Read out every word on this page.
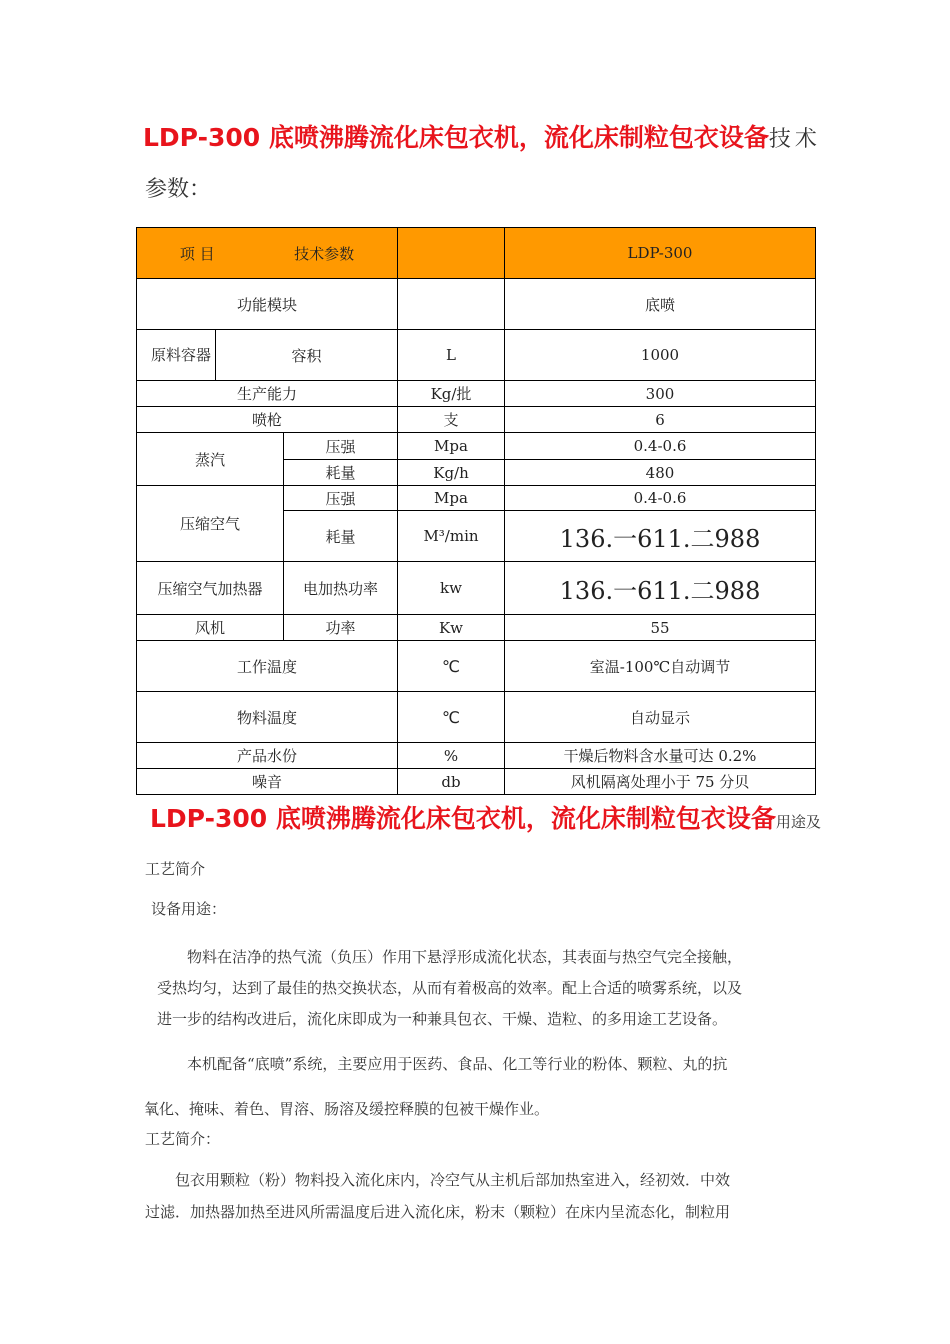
LDP-300 底喷沸腾流化床包衣机，流化床制粒包衣设备技术
参数：
项 目 技术参数				LDP-300
功能模块				底喷
原料容器	容积		L	1000
生产能力			Kg/批	300
喷枪			支	6
蒸汽		压强	Mpa	0.4-0.6
		耗量	Kg/h	480
压缩空气		压强	Mpa	0.4-0.6
		耗量	M³/min	136.一611.二988
压缩空气加热器		电加热功率	kw	136.一611.二988
风机		功率	Kw	55
工作温度			℃	室温-100℃自动调节
物料温度			℃	自动显示
产品水份			%	干燥后物料含水量可达 0.2%
噪音			db	风机隔离处理小于 75 分贝
LDP-300 底喷沸腾流化床包衣机，流化床制粒包衣设备用途及
工艺简介
设备用途：
物料在洁净的热气流（负压）作用下悬浮形成流化状态，其表面与热空气完全接触，
受热均匀，达到了最佳的热交换状态，从而有着极高的效率。配上合适的喷雾系统，以及
进一步的结构改进后，流化床即成为一种兼具包衣、干燥、造粒、的多用途工艺设备。
本机配备“底喷”系统，主要应用于医药、食品、化工等行业的粉体、颗粒、丸的抗
氧化、掩味、着色、胃溶、肠溶及缓控释膜的包被干燥作业。
工艺简介：
包衣用颗粒（粉）物料投入流化床内，冷空气从主机后部加热室进入，经初效．中效
过滤．加热器加热至进风所需温度后进入流化床，粉末（颗粒）在床内呈流态化，制粒用
